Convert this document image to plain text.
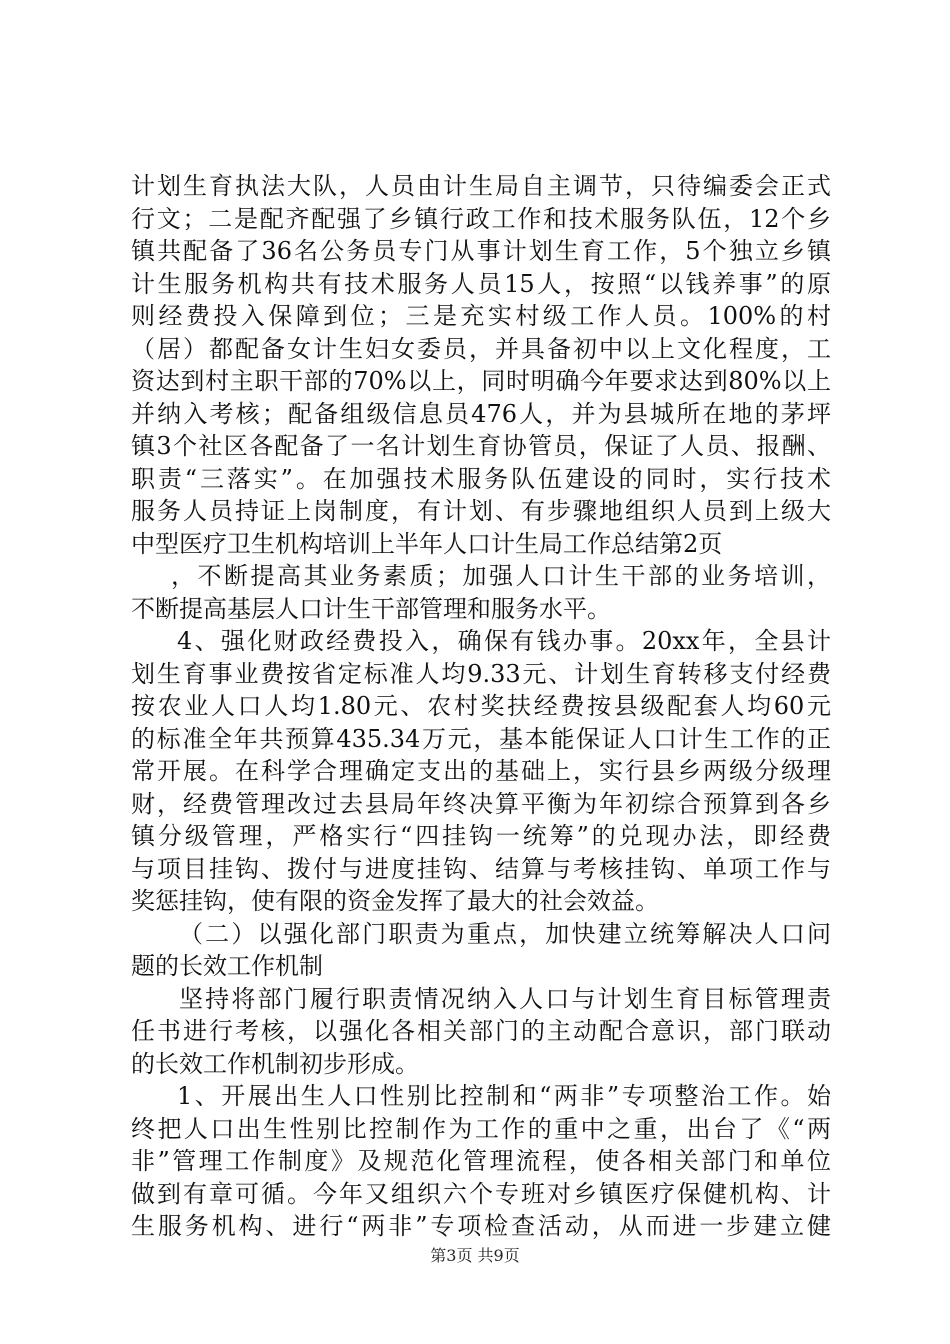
计划生育执法大队，人员由计生局自主调节，只待编委会正式
行文；二是配齐配强了乡镇行政工作和技术服务队伍，12个乡
镇共配备了36名公务员专门从事计划生育工作，5个独立乡镇
计生服务机构共有技术服务人员15人，按照“以钱养事”的原
则经费投入保障到位；三是充实村级工作人员。100%的村
（居）都配备女计生妇女委员，并具备初中以上文化程度，工
资达到村主职干部的70%以上，同时明确今年要求达到80%以上
并纳入考核；配备组级信息员476人，并为县城所在地的茅坪
镇3个社区各配备了一名计划生育协管员，保证了人员、报酬、
职责“三落实”。在加强技术服务队伍建设的同时，实行技术
服务人员持证上岗制度，有计划、有步骤地组织人员到上级大
中型医疗卫生机构培训上半年人口计生局工作总结第2页

，不断提高其业务素质；加强人口计生干部的业务培训，
不断提高基层人口计生干部管理和服务水平。

4、强化财政经费投入，确保有钱办事。20xx年，全县计
划生育事业费按省定标准人均9.33元、计划生育转移支付经费
按农业人口人均1.80元、农村奖扶经费按县级配套人均60元
的标准全年共预算435.34万元，基本能保证人口计生工作的正
常开展。在科学合理确定支出的基础上，实行县乡两级分级理
财，经费管理改过去县局年终决算平衡为年初综合预算到各乡
镇分级管理，严格实行“四挂钩一统筹”的兑现办法，即经费
与项目挂钩、拨付与进度挂钩、结算与考核挂钩、单项工作与
奖惩挂钩，使有限的资金发挥了最大的社会效益。

（二）以强化部门职责为重点，加快建立统筹解决人口问
题的长效工作机制

坚持将部门履行职责情况纳入人口与计划生育目标管理责
任书进行考核，以强化各相关部门的主动配合意识，部门联动
的长效工作机制初步形成。

1、开展出生人口性别比控制和“两非”专项整治工作。始
终把人口出生性别比控制作为工作的重中之重，出台了《“两
非”管理工作制度》及规范化管理流程，使各相关部门和单位
做到有章可循。今年又组织六个专班对乡镇医疗保健机构、计
生服务机构、进行“两非”专项检查活动，从而进一步建立健

第3页 共9页
